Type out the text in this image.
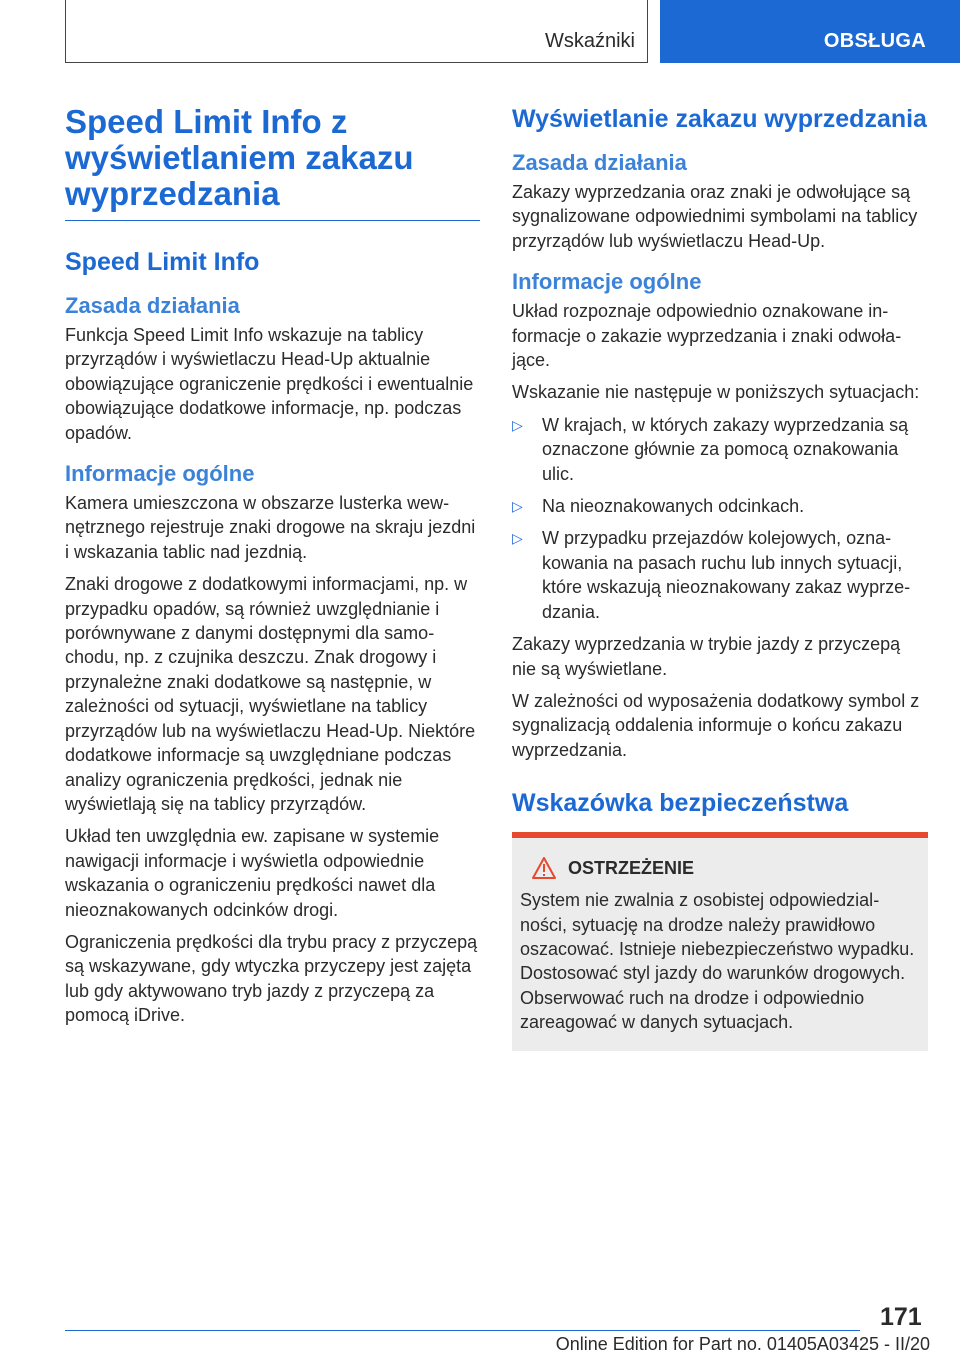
Wskaźniki	OBSŁUGA
Speed Limit Info z wyświetlaniem zakazu wyprzedzania
Speed Limit Info
Zasada działania

Funkcja Speed Limit Info wskazuje na tablicy przyrządów i wyświetlaczu Head-Up aktualnie obowiązujące ograniczenie prędkości i ewentualnie obowiązujące dodatkowe informacje, np. podczas opadów.

Informacje ogólne

Kamera umieszczona w obszarze lusterka wewnętrznego rejestruje znaki drogowe na skraju jezdni i wskazania tablic nad jezdnią.

Znaki drogowe z dodatkowymi informacjami, np. w przypadku opadów, są również uwzględnianie i porównywane z danymi dostępnymi dla samochodu, np. z czujnika deszczu. Znak drogowy i przynależne znaki dodatkowe są następnie, w zależności od sytuacji, wyświetlane na tablicy przyrządów lub na wyświetlaczu Head-Up. Niektóre dodatkowe informacje są uwzględniane podczas analizy ograniczenia prędkości, jednak nie wyświetlają się na tablicy przyrządów.

Układ ten uwzględnia ew. zapisane w systemie nawigacji informacje i wyświetla odpowiednie wskazania o ograniczeniu prędkości nawet dla nieoznakowanych odcinków drogi.

Ograniczenia prędkości dla trybu pracy z przyczepą są wskazywane, gdy wtyczka przyczepy jest zajęta lub gdy aktywowano tryb jazdy z przyczepą za pomocą iDrive.

Wyświetlanie zakazu wyprzedzania
Zasada działania

Zakazy wyprzedzania oraz znaki je odwołujące są sygnalizowane odpowiednimi symbolami na tablicy przyrządów lub wyświetlaczu Head-Up.

Informacje ogólne

Układ rozpoznaje odpowiednio oznakowane informacje o zakazie wyprzedzania i znaki odwołające.

Wskazanie nie następuje w poniższych sytuacjach:

▷ W krajach, w których zakazy wyprzedzania są oznaczone głównie za pomocą oznakowania ulic.
▷ Na nieoznakowanych odcinkach.
▷ W przypadku przejazdów kolejowych, oznakowania na pasach ruchu lub innych sytuacji, które wskazują nieoznakowany zakaz wyprzedzania.

Zakazy wyprzedzania w trybie jazdy z przyczepą nie są wyświetlane.

W zależności od wyposażenia dodatkowy symbol z sygnalizacją oddalenia informuje o końcu zakazu wyprzedzania.

Wskazówka bezpieczeństwa
OSTRZEŻENIE

System nie zwalnia z osobistej odpowiedzialności, sytuację na drodze należy prawidłowo oszacować. Istnieje niebezpieczeństwo wypadku. Dostosować styl jazdy do warunków drogowych. Obserwować ruch na drodze i odpowiednio zareagować w danych sytuacjach.

171
Online Edition for Part no. 01405A03425 - II/20
